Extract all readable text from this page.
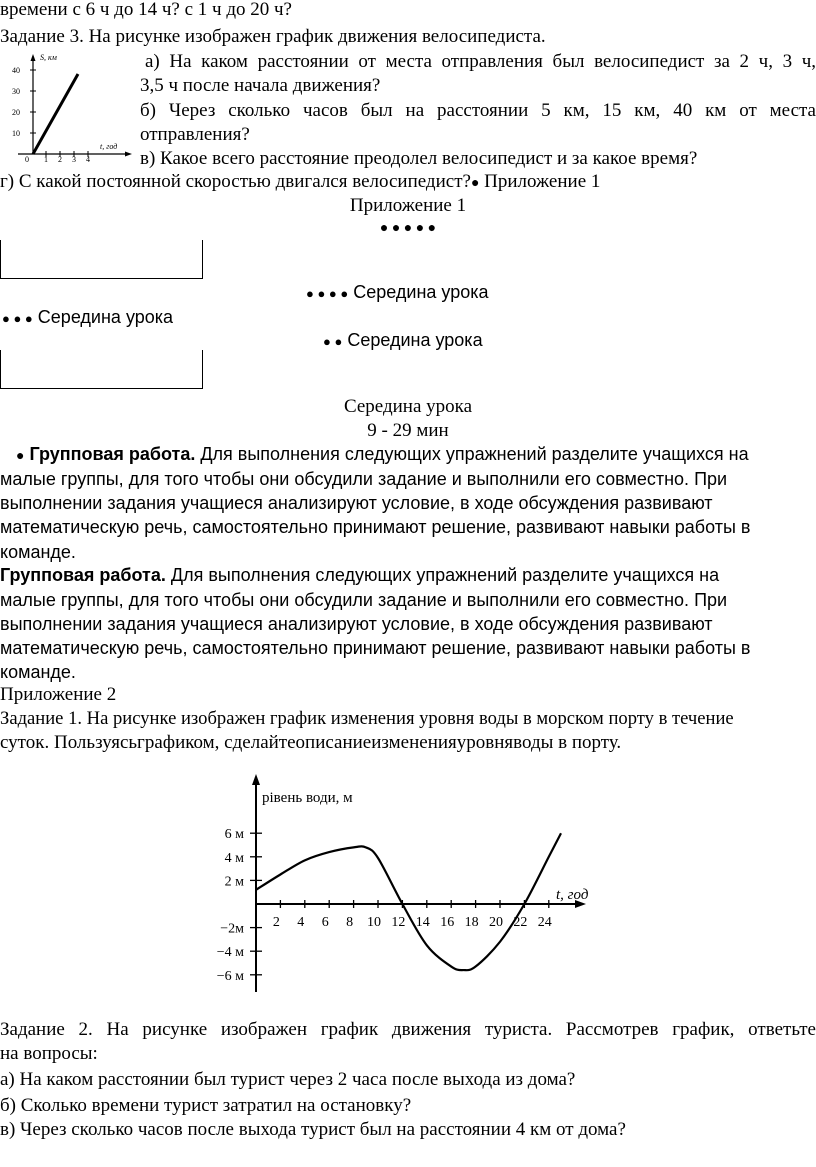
времени с 6 ч до 14 ч? с 1 ч до 20 ч?
Задание 3. На рисунке изображен график движения велосипедиста.
S, км
t, год
40
30
20
10
0 1 2 3 4
а) На каком расстоянии от места отправления был велосипедист за 2 ч, 3 ч,
3,5 ч после начала движения?
б) Через сколько часов был на расстоянии 5 км, 15 км, 40 км от места
отправления?
в) Какое всего расстояние преодолел велосипедист и за какое время?
г) С какой постоянной скоростью двигался велосипедист?● Приложение 1
Приложение 1
● ● ● ● ●
● ● ● ● Середина урока
● ● ● Середина урока
● ● Середина урока
Середина урока
9 - 29 мин
● Групповая работа. Для выполнения следующих упражнений разделите учащихся на
малые группы, для того чтобы они обсудили задание и выполнили его совместно. При
выполнении задания учащиеся анализируют условие, в ходе обсуждения развивают
математическую речь, самостоятельно принимают решение, развивают навыки работы в
команде.
Групповая работа. Для выполнения следующих упражнений разделите учащихся на
малые группы, для того чтобы они обсудили задание и выполнили его совместно. При
выполнении задания учащиеся анализируют условие, в ходе обсуждения развивают
математическую речь, самостоятельно принимают решение, развивают навыки работы в
команде.
Приложение 2
Задание 1. На рисунке изображен график изменения уровня воды в морском порту в течение
суток. Пользуясьграфиком, сделайтеописаниеизмененияуровняводы в порту.
рівень води, м
t, год
2 4 6 8 10 12 14 16 18 20 22 24
6 м
4 м
2 м
−2м
−4 м
−6 м
Задание 2. На рисунке изображен график движения туриста. Рассмотрев график, ответьте
на вопросы:
а) На каком расстоянии был турист через 2 часа после выхода из дома?
б) Сколько времени турист затратил на остановку?
в) Через сколько часов после выхода турист был на расстоянии 4 км от дома?
